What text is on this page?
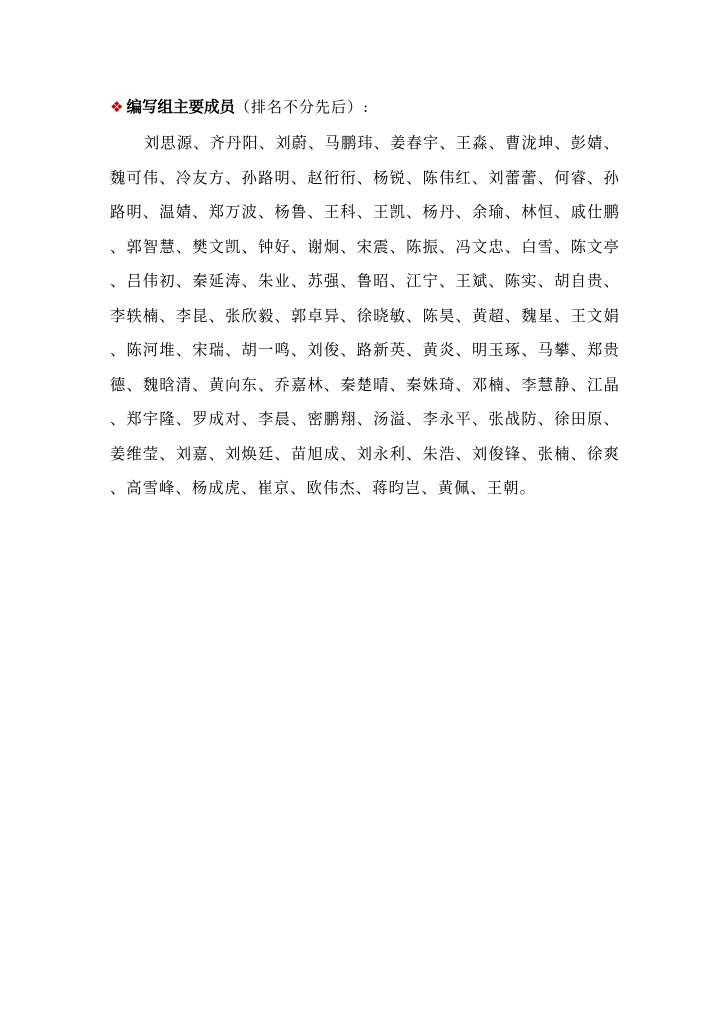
❖ 编写组主要成员 （排名不分先后）:

刘思源、齐丹阳、刘蔚、马鹏玮、姜春宇、王淼、曹泷坤、彭婧、魏可伟、冷友方、孙路明、赵衎衎、杨锐、陈伟红、刘蕾蕾、何睿、孙路明、温婧、郑万波、杨鲁、王科、王凯、杨丹、余瑜、林恒、戚仕鹏、郭智慧、樊文凯、钟好、谢炯、宋震、陈振、冯文忠、白雪、陈文亭、吕伟初、秦延涛、朱业、苏强、鲁昭、江宁、王斌、陈实、胡自贵、李轶楠、李昆、张欣毅、郭卓异、徐晓敏、陈昊、黄超、魏星、王文娟、陈河堆、宋瑞、胡一鸣、刘俊、路新英、黄炎、明玉琢、马攀、郑贵德、魏晗清、黄向东、乔嘉林、秦楚晴、秦姝琦、邓楠、李慧静、江晶、郑宇隆、罗成对、李晨、密鹏翔、汤溢、李永平、张战防、徐田原、姜维莹、刘嘉、刘焕廷、苗旭成、刘永利、朱浩、刘俊锋、张楠、徐爽、高雪峰、杨成虎、崔京、欧伟杰、蒋昀岂、黄佩、王朝。
